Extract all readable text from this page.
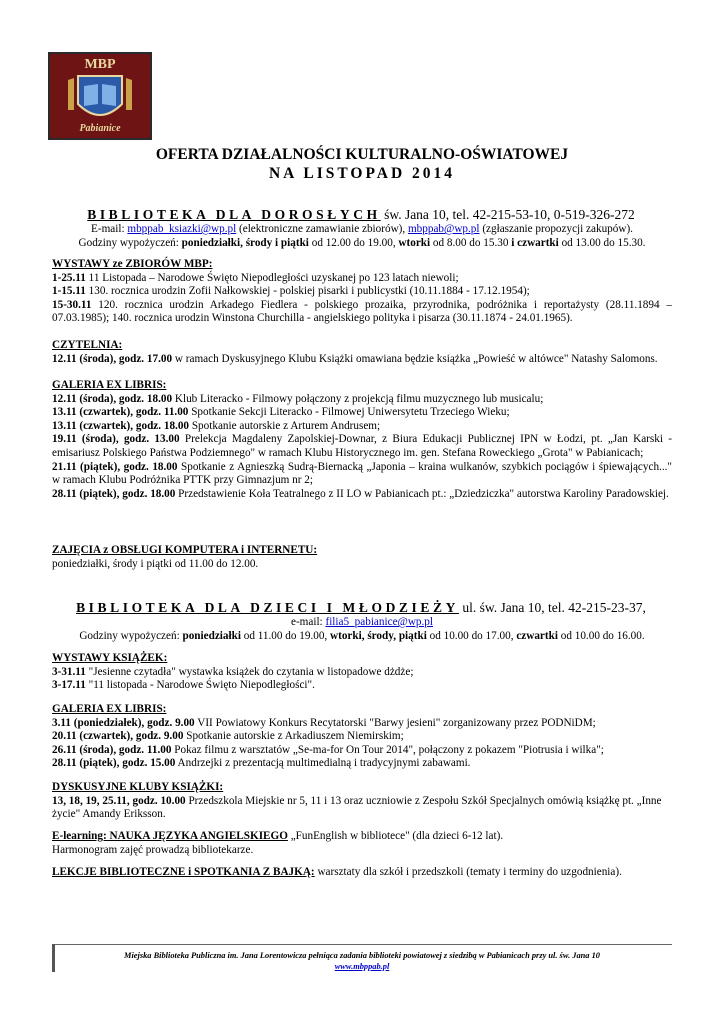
MBP
Pabianice
OFERTA DZIAŁALNOŚCI KULTURALNO-OŚWIATOWEJ
NA LISTOPAD 2014
BIBLIOTEKA DLA DOROSŁYCH św. Jana 10, tel. 42-215-53-10, 0-519-326-272

E-mail: mbppab_ksiazki@wp.pl (elektroniczne zamawianie zbiorów), mbppab@wp.pl (zgłaszanie propozycji zakupów).

Godziny wypożyczeń: poniedziałki, środy i piątki od 12.00 do 19.00, wtorki od 8.00 do 15.30 i czwartki od 13.00 do 15.30.

WYSTAWY ze ZBIORÓW MBP:

1-25.11 11 Listopada – Narodowe Święto Niepodległości uzyskanej po 123 latach niewoli;

1-15.11 130. rocznica urodzin Zofii Nałkowskiej - polskiej pisarki i publicystki (10.11.1884 - 17.12.1954);

15-30.11 120. rocznica urodzin Arkadego Fiedlera - polskiego prozaika, przyrodnika, podróżnika i reportażysty (28.11.1894 – 07.03.1985); 140. rocznica urodzin Winstona Churchilla - angielskiego polityka i pisarza (30.11.1874 - 24.01.1965).

CZYTELNIA:

12.11 (środa), godz. 17.00 w ramach Dyskusyjnego Klubu Książki omawiana będzie książka „Powieść w altówce" Natashy Salomons.

GALERIA EX LIBRIS:

12.11 (środa), godz. 18.00 Klub Literacko - Filmowy połączony z projekcją filmu muzycznego lub musicalu;

13.11 (czwartek), godz. 11.00 Spotkanie Sekcji Literacko - Filmowej Uniwersytetu Trzeciego Wieku;

13.11 (czwartek), godz. 18.00 Spotkanie autorskie z Arturem Andrusem;

19.11 (środa), godz. 13.00 Prelekcja Magdaleny Zapolskiej-Downar, z Biura Edukacji Publicznej IPN w Łodzi, pt. „Jan Karski - emisariusz Polskiego Państwa Podziemnego" w ramach Klubu Historycznego im. gen. Stefana Roweckiego „Grota" w Pabianicach;

21.11 (piątek), godz. 18.00 Spotkanie z Agnieszką Sudrą-Biernacką „Japonia – kraina wulkanów, szybkich pociągów i śpiewających..." w ramach Klubu Podróżnika PTTK przy Gimnazjum nr 2;

28.11 (piątek), godz. 18.00 Przedstawienie Koła Teatralnego z II LO w Pabianicach pt.: „Dziedziczka" autorstwa Karoliny Paradowskiej.

ZAJĘCIA z OBSŁUGI KOMPUTERA i INTERNETU:

poniedziałki, środy i piątki od 11.00 do 12.00.

BIBLIOTEKA DLA DZIECI I MŁODZIEŻY ul. św. Jana 10, tel. 42-215-23-37,

e-mail: filia5_pabianice@wp.pl

Godziny wypożyczeń: poniedziałki od 11.00 do 19.00, wtorki, środy, piątki od 10.00 do 17.00, czwartki od 10.00 do 16.00.

WYSTAWY KSIĄŻEK:

3-31.11 "Jesienne czytadła" wystawka książek do czytania w listopadowe dżdże;

3-17.11 "11 listopada - Narodowe Święto Niepodległości".

GALERIA EX LIBRIS:

3.11 (poniedziałek), godz. 9.00 VII Powiatowy Konkurs Recytatorski "Barwy jesieni" zorganizowany przez PODNiDM;

20.11 (czwartek), godz. 9.00 Spotkanie autorskie z Arkadiuszem Niemirskim;

26.11 (środa), godz. 11.00 Pokaz filmu z warsztatów „Se-ma-for On Tour 2014", połączony z pokazem "Piotrusia i wilka";

28.11 (piątek), godz. 15.00 Andrzejki z prezentacją multimedialną i tradycyjnymi zabawami.

DYSKUSYJNE KLUBY KSIĄŻKI:

13, 18, 19, 25.11, godz. 10.00 Przedszkola Miejskie nr 5, 11 i 13 oraz uczniowie z Zespołu Szkół Specjalnych omówią książkę pt. „Inne życie" Amandy Eriksson.

E-learning: NAUKA JĘZYKA ANGIELSKIEGO „FunEnglish w bibliotece" (dla dzieci 6-12 lat).

Harmonogram zajęć prowadzą bibliotekarze.

LEKCJE BIBLIOTECZNE i SPOTKANIA Z BAJKĄ: warsztaty dla szkół i przedszkoli (tematy i terminy do uzgodnienia).

Miejska Biblioteka Publiczna im. Jana Lorentowicza pełniąca zadania biblioteki powiatowej z siedzibą w Pabianicach przy ul. św. Jana 10

www.mbppab.pl
